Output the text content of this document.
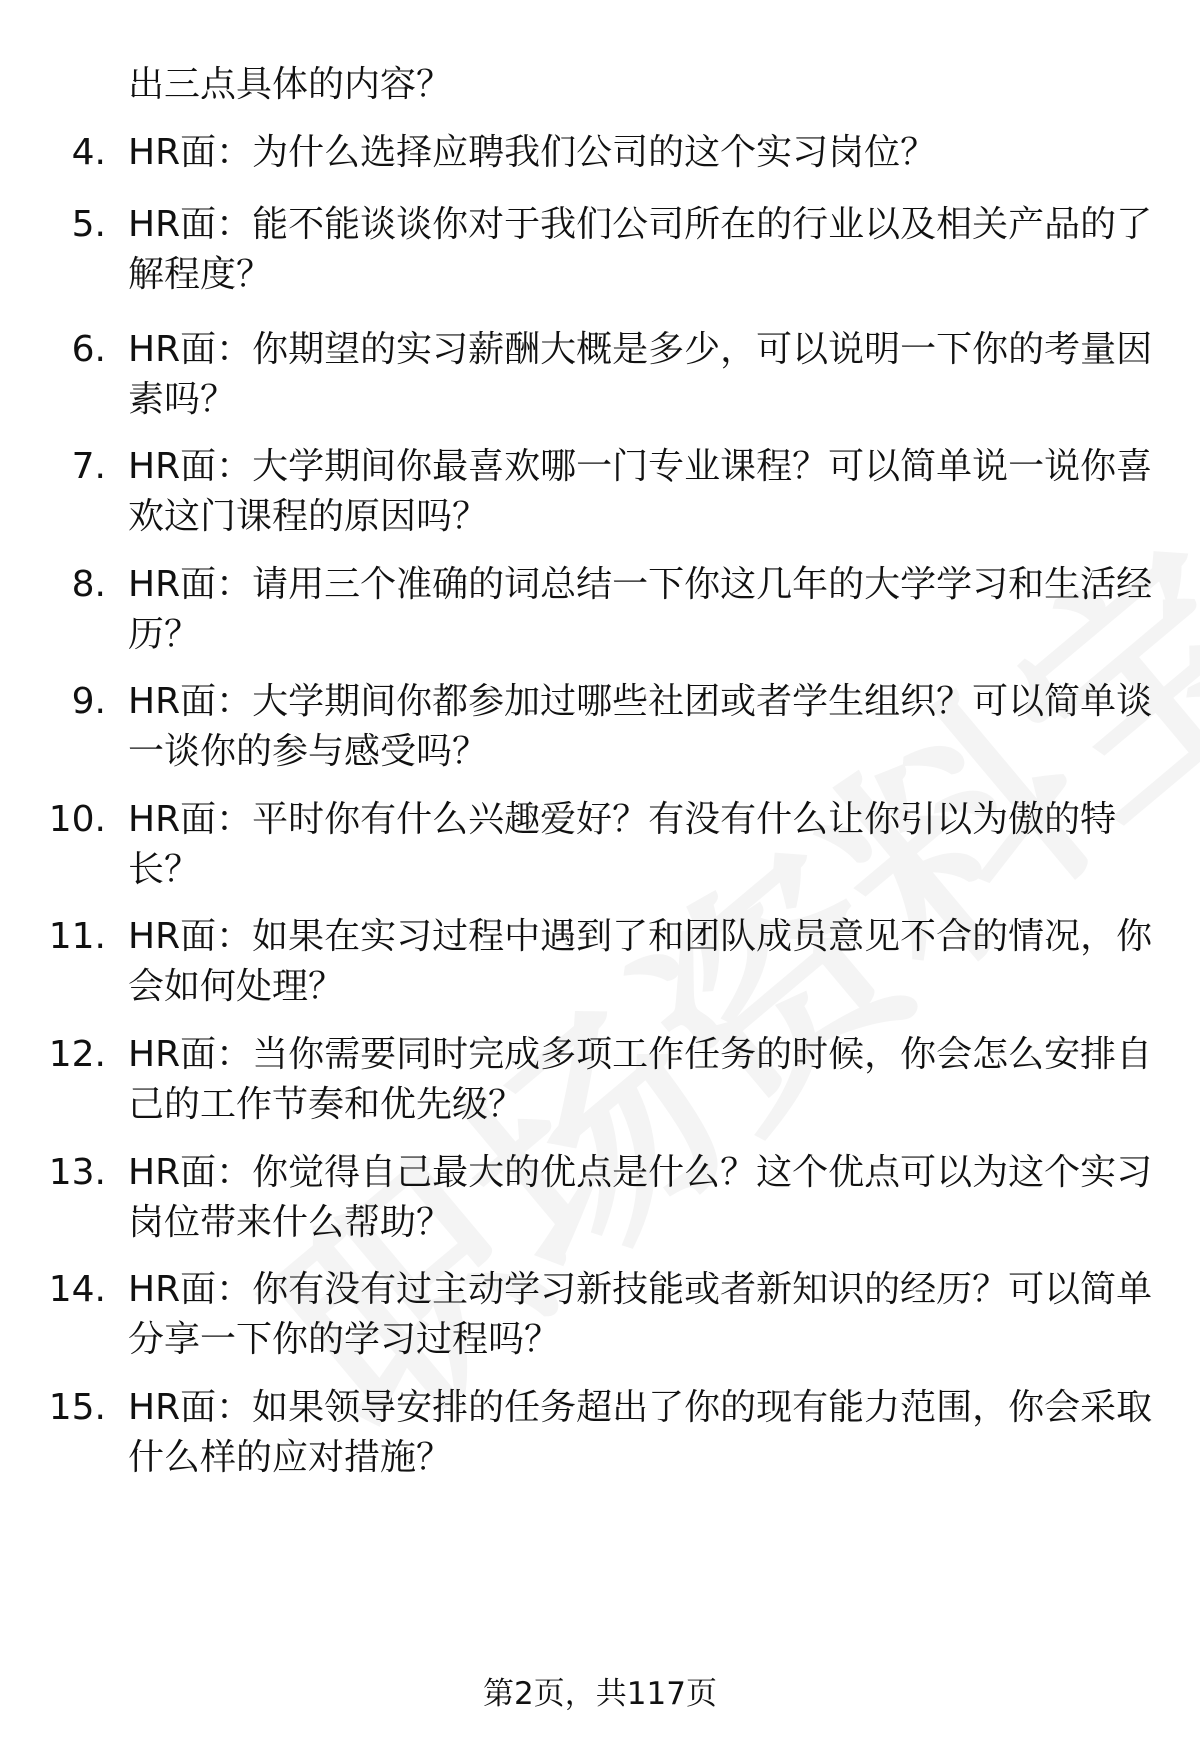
出三点具体的内容？
4. HR面：为什么选择应聘我们公司的这个实习岗位？
5. HR面：能不能谈谈你对于我们公司所在的行业以及相关产品的了解程度？
6. HR面：你期望的实习薪酬大概是多少，可以说明一下你的考量因素吗？
7. HR面：大学期间你最喜欢哪一门专业课程？可以简单说一说你喜欢这门课程的原因吗？
8. HR面：请用三个准确的词总结一下你这几年的大学学习和生活经历？
9. HR面：大学期间你都参加过哪些社团或者学生组织？可以简单谈一谈你的参与感受吗？
10. HR面：平时你有什么兴趣爱好？有没有什么让你引以为傲的特长？
11. HR面：如果在实习过程中遇到了和团队成员意见不合的情况，你会如何处理？
12. HR面：当你需要同时完成多项工作任务的时候，你会怎么安排自己的工作节奏和优先级？
13. HR面：你觉得自己最大的优点是什么？这个优点可以为这个实习岗位带来什么帮助？
14. HR面：你有没有过主动学习新技能或者新知识的经历？可以简单分享一下你的学习过程吗？
15. HR面：如果领导安排的任务超出了你的现有能力范围，你会采取什么样的应对措施？
第2页，共117页
